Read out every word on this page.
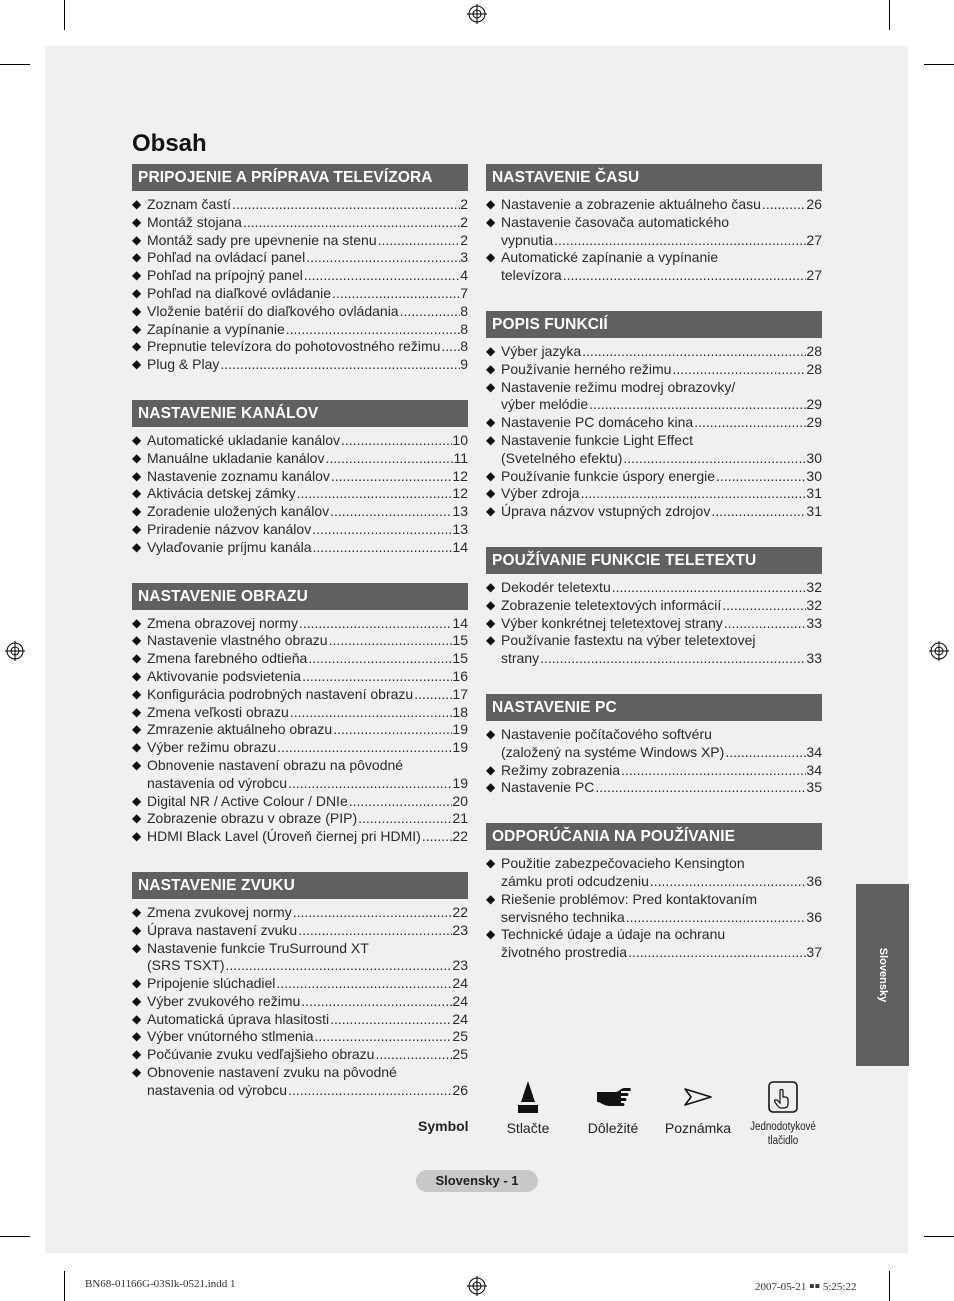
Obsah
PRIPOJENIE A PRÍPRAVA TELEVÍZORA
◆ Zoznam častí .....	2
◆ Montáž stojana .....	2
◆ Montáž sady pre upevnenie na stenu .....	2
◆ Pohľad na ovládací panel .....	3
◆ Pohľad na prípojný panel .....	4
◆ Pohľad na diaľkové ovládanie .....	7
◆ Vloženie batérií do diaľkového ovládania .....	8
◆ Zapínanie a vypínanie .....	8
◆ Prepnutie televízora do pohotovostného režimu ..... 8
◆ Plug & Play .....	9
NASTAVENIE KANÁLOV
◆ Automatické ukladanie kanálov .....	10
◆ Manuálne ukladanie kanálov .....	11
◆ Nastavenie zoznamu kanálov .....	12
◆ Aktivácia detskej zámky .....	12
◆ Zoradenie uložených kanálov .....	13
◆ Priradenie názvov kanálov .....	13
◆ Vylaďovanie príjmu kanála .....	14
NASTAVENIE OBRAZU
◆ Zmena obrazovej normy .....	14
◆ Nastavenie vlastného obrazu .....	15
◆ Zmena farebného odtieňa .....	15
◆ Aktivovanie podsvietenia .....	16
◆ Konfigurácia podrobných nastavení obrazu .....	17
◆ Zmena veľkosti obrazu .....	18
◆ Zmrazenie aktuálneho obrazu .....	19
◆ Výber režimu obrazu .....	19
◆ Obnovenie nastavení obrazu na pôvodné
nastavenia od výrobcu .....	19
◆ Digital NR / Active Colour / DNIe .....	20
◆ Zobrazenie obrazu v obraze (PIP) .....	21
◆ HDMI Black Lavel (Úroveň čiernej pri HDMI) ..... 22
NASTAVENIE ZVUKU
◆ Zmena zvukovej normy .....	22
◆ Úprava nastavení zvuku .....	23
◆ Nastavenie funkcie TruSurround XT
(SRS TSXT) .....	23
◆ Pripojenie slúchadiel .....	24
◆ Výber zvukového režimu .....	24
◆ Automatická úprava hlasitosti .....	24
◆ Výber vnútorného stlmenia .....	25
◆ Počúvanie zvuku vedľajšieho obrazu .....	25
◆ Obnovenie nastavení zvuku na pôvodné
nastavenia od výrobcu .....	26
NASTAVENIE ČASU
◆ Nastavenie a zobrazenie aktuálneho času .....	26
◆ Nastavenie časovača automatického
vypnutia .....	27
◆ Automatické zapínanie a vypínanie
televízora .....	27
POPIS FUNKCIÍ
◆ Výber jazyka .....	28
◆ Používanie herného režimu .....	28
◆ Nastavenie režimu modrej obrazovky/
výber melódie .....	29
◆ Nastavenie PC domáceho kina .....	29
◆ Nastavenie funkcie Light Effect
(Svetelného efektu) .....	30
◆ Používanie funkcie úspory energie .....	30
◆ Výber zdroja .....	31
◆ Úprava názvov vstupných zdrojov .....	31
POUŽÍVANIE FUNKCIE TELETEXTU
◆ Dekodér teletextu .....	32
◆ Zobrazenie teletextových informácií .....	32
◆ Výber konkrétnej teletextovej strany .....	33
◆ Používanie fastextu na výber teletextovej
strany .....	33
NASTAVENIE PC
◆ Nastavenie počítačového softvéru
(založený na systéme Windows XP) .....	34
◆ Režimy zobrazenia .....	34
◆ Nastavenie PC .....	35
ODPORÚČANIA NA POUŽÍVANIE
◆ Použitie zabezpečovacieho Kensington
zámku proti odcudzeniu .....	36
◆ Riešenie problémov: Pred kontaktovaním
servisného technika .....	36
◆ Technické údaje a údaje na ochranu
životného prostredia .....	37	Slovensky
Symbol	Stlačte	Dôležité	Poznámka	Jednodotykové tlačidlo
Slovensky - 1
BN68-01166G-03Slk-0521.indd 1	2007-05-21 ￭￭ 5:25:22
